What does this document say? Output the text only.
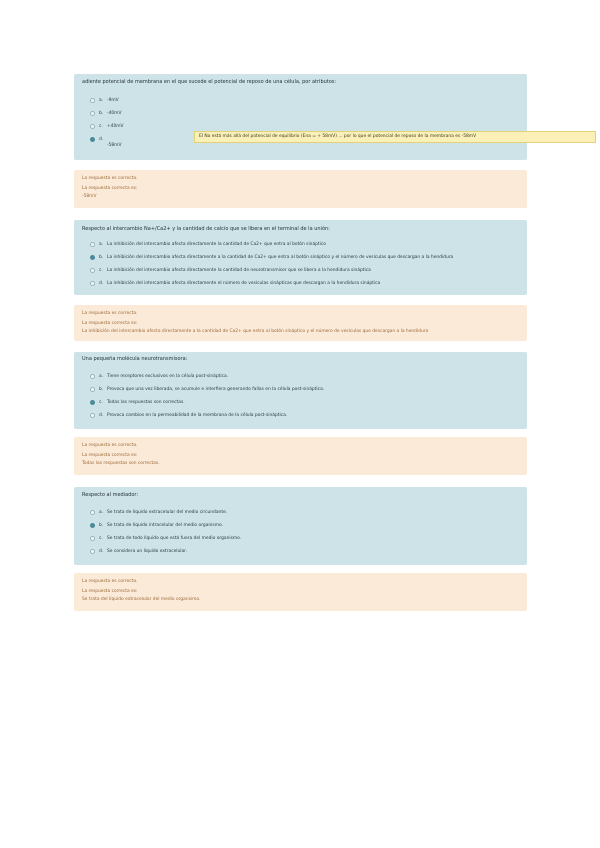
adiente potencial de membrana en el que sucede el potencial de reposo de una célula, por atributos:
a. -9mV
b. -40mV
c. +40mV
d.
-58mV
El Na está más allá del potencial de equilibrio (Ena = + 58mV) ... por lo que el potencial de reposo de la membrana es -58mV
La respuesta es correcta.
La respuesta correcta es:
-58mV
Respecto al intercambio Na+/Ca2+ y la cantidad de calcio que se libera en el terminal de la unión:
a. La inhibición del intercambio afecta directamente la cantidad de Ca2+ que entra al botón sináptico
b. La inhibición del intercambio afecta directamente a la cantidad de Ca2+ que entra al botón sináptico y el número de vesículas que descargan a la hendidura
c. La inhibición del intercambio afecta directamente la cantidad de neurotransmisor que se libera a la hendidura sináptica
d. La inhibición del intercambio afecta directamente el número de vesículas sinápticas que descargan a la hendidura sináptica
La respuesta es correcta.
La respuesta correcta es:
La inhibición del intercambio afecta directamente a la cantidad de Ca2+ que entra al botón sináptico y el número de vesículas que descargan a la hendidura
Una pequeña molécula neurotransmisora:
a. Tiene receptores exclusivos en la célula post-sináptica.
b. Provoca que una vez liberada, se acumule e interfiera generando fallas en la célula post-sináptica.
c. Todas las respuestas son correctas.
d. Provoca cambios en la permeabilidad de la membrana de la célula post-sináptica.
La respuesta es correcta.
La respuesta correcta es:
Todas las respuestas son correctas.
Respecto al mediador:
a. Se trata de líquido extracelular del medio circundante.
b. Se trata de líquido intracelular del medio organismo.
c. Se trata de todo líquido que está fuera del medio organismo.
d. Se considera un líquido extracelular.
La respuesta es correcta.
La respuesta correcta es:
Se trata del líquido extracelular del medio organismo.
